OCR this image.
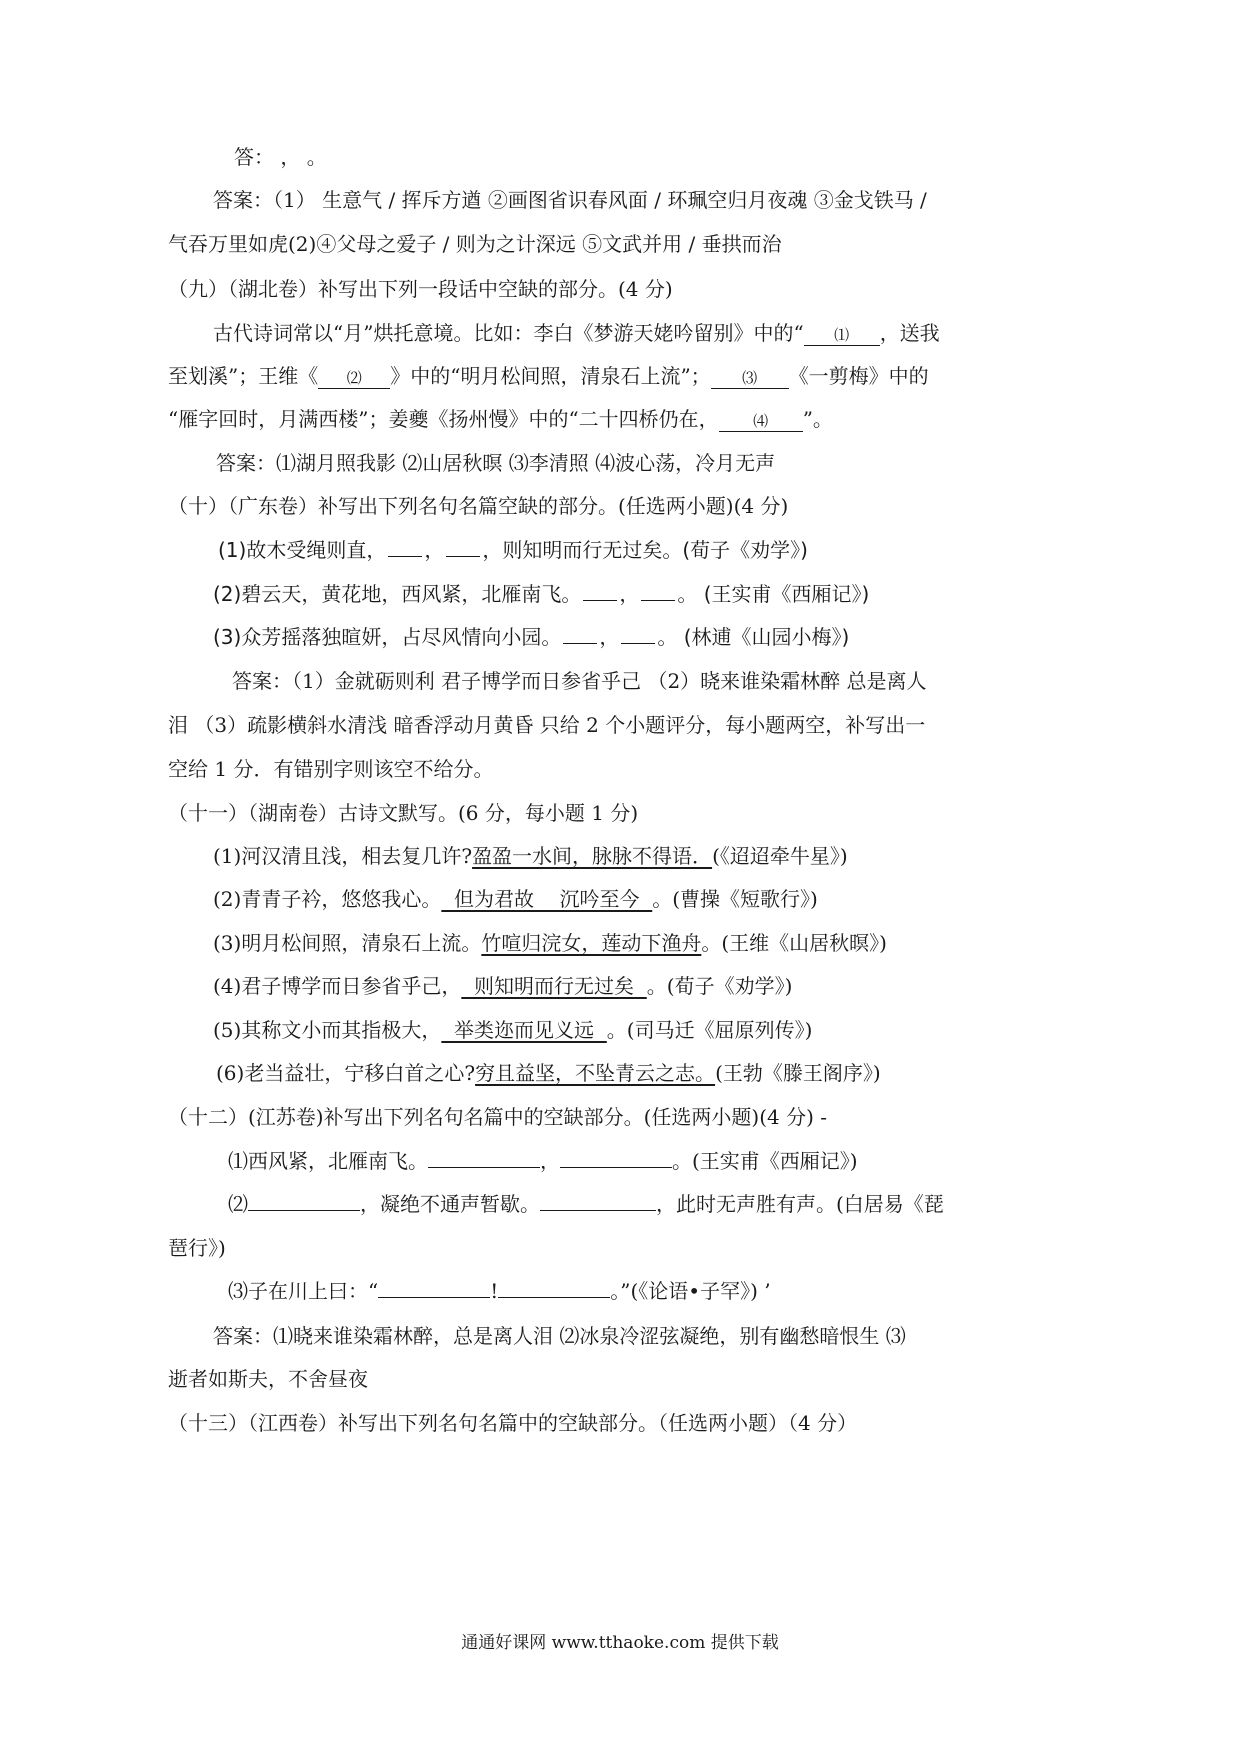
答： ， 。
答案：（1） 生意气 / 挥斥方遒 ②画图省识春风面 / 环珮空归月夜魂 ③金戈铁马 /
气吞万里如虎(2)④父母之爱子 / 则为之计深远 ⑤文武并用 / 垂拱而治
（九）（湖北卷）补写出下列一段话中空缺的部分。(4 分)
古代诗词常以“月”烘托意境。比如：李白《梦游天姥吟留别》中的“ ⑴ ，送我
至划溪”；王维《 ⑵ 》中的“明月松间照，清泉石上流”； ⑶ 《一剪梅》中的
“雁字回时，月满西楼”；姜夔《扬州慢》中的“二十四桥仍在， ⑷ ”。
答案：⑴湖月照我影 ⑵山居秋暝 ⑶李清照 ⑷波心荡，冷月无声
（十）（广东卷）补写出下列名句名篇空缺的部分。(任选两小题)(4 分)
(1)故木受绳则直， ， ，则知明而行无过矣。(荀子《劝学》)
(2)碧云天，黄花地，西风紧，北雁南飞。 ， 。 (王实甫《西厢记》)
(3)众芳摇落独暄妍，占尽风情向小园。 ， 。 (林逋《山园小梅》)
答案：（1）金就砺则利 君子博学而日参省乎己 （2）晓来谁染霜林醉 总是离人
泪 （3）疏影横斜水清浅 暗香浮动月黄昏 只给 2 个小题评分，每小题两空，补写出一
空给 1 分．有错别字则该空不给分。
（十一）（湖南卷）古诗文默写。(6 分，每小题 1 分)
(1)河汉清且浅，相去复几许?盈盈一水间，脉脉不得语．(《迢迢牵牛星》)
(2)青青子衿，悠悠我心。  但为君故    沉吟至今  。(曹操《短歌行》)
(3)明月松间照，清泉石上流。竹喧归浣女，莲动下渔舟。(王维《山居秋暝》)
(4)君子博学而日参省乎己，  则知明而行无过矣  。(荀子《劝学》)
(5)其称文小而其指极大，  举类迩而见义远  。(司马迁《屈原列传》)
(6)老当益壮，宁移白首之心?穷且益坚，不坠青云之志。(王勃《滕王阁序》)
（十二）(江苏卷)补写出下列名句名篇中的空缺部分。(任选两小题)(4 分) -
⑴西风紧，北雁南飞。	，	。(王实甫《西厢记》)
⑵	，凝绝不通声暂歇。	，此时无声胜有声。(白居易《琵
琶行》)
⑶子在川上曰：“	!	。”(《论语•子罕》) ’
答案：⑴晓来谁染霜林醉，总是离人泪 ⑵冰泉冷涩弦凝绝，别有幽愁暗恨生 ⑶
逝者如斯夫，不舍昼夜
（十三）（江西卷）补写出下列名句名篇中的空缺部分。（任选两小题）（4 分）
通通好课网 www.tthaoke.com 提供下载
